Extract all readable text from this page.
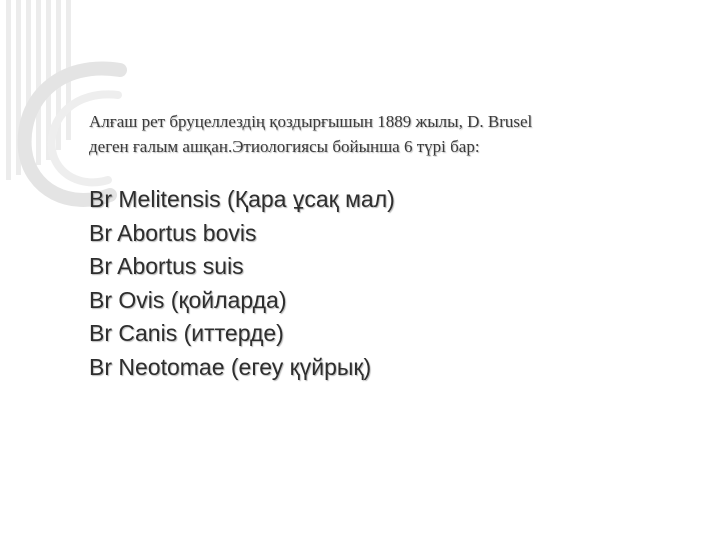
Алғаш рет бруцеллездің қоздырғышын 1889 жылы, D. Brusel
деген ғалым ашқан.Этиологиясы бойынша 6 түрі бар:
Br Melitensis (Қара ұсақ мал)
Br Abortus bovis
Br Abortus suis
Br Ovis (қойларда)
Br Canis (иттерде)
Br Neotomae (егеу қүйрық)
